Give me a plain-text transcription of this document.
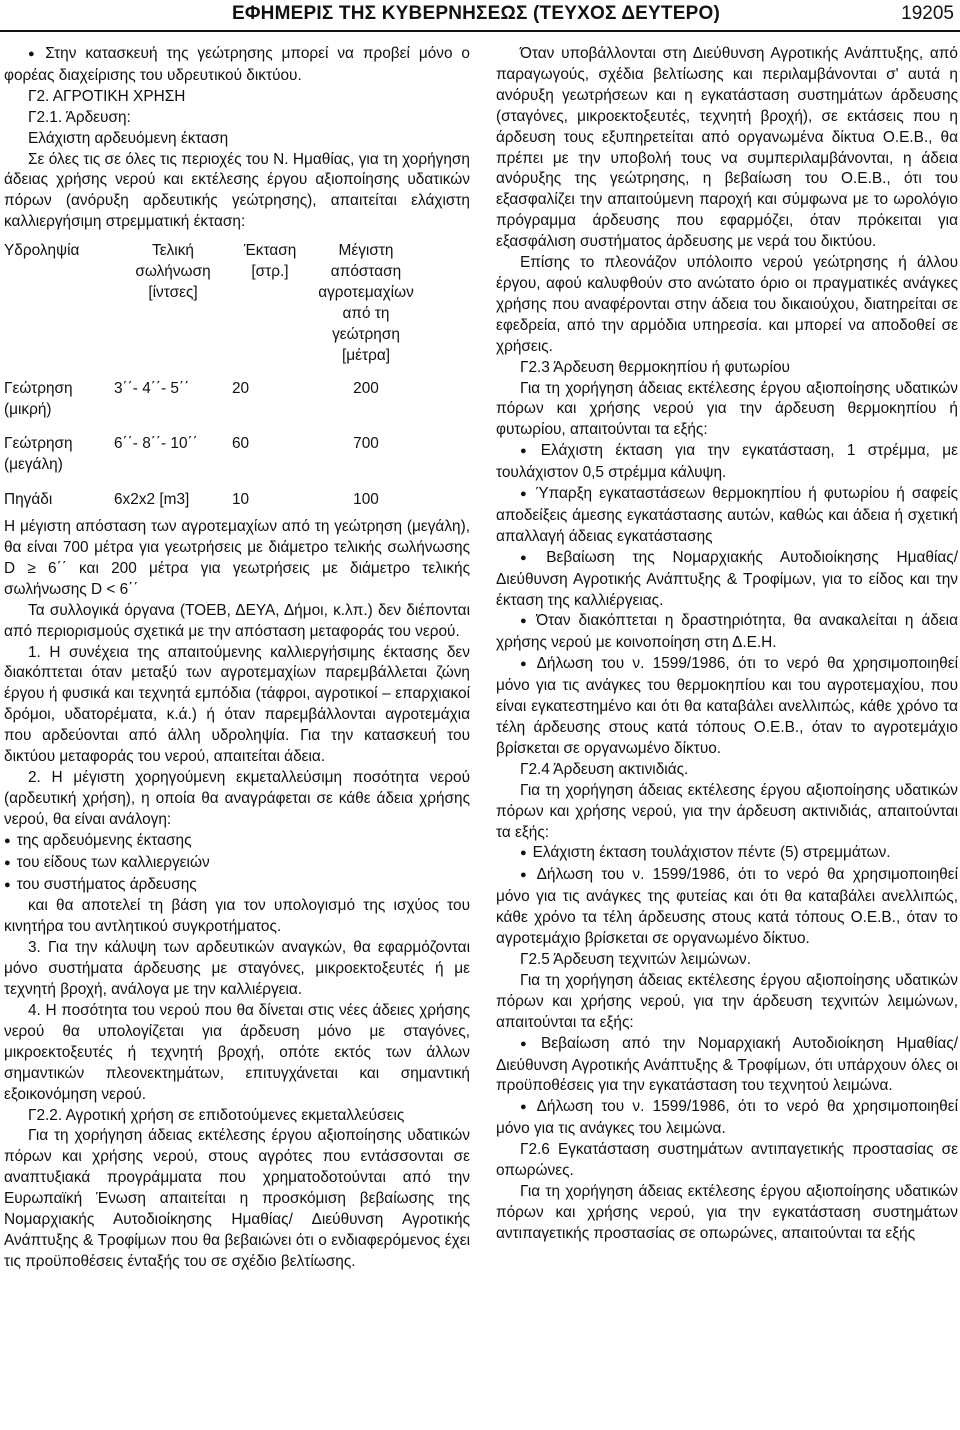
ΕΦΗΜΕΡΙΣ ΤΗΣ ΚΥΒΕΡΝΗΣΕΩΣ (ΤΕΥΧΟΣ ΔΕΥΤΕΡΟ)	19205

● Στην κατασκευή της γεώτρησης μπορεί να προβεί μόνο ο φορέας διαχείρισης του υδρευτικού δικτύου.

Γ2. ΑΓΡΟΤΙΚΗ ΧΡΗΣΗ

Γ2.1. Άρδευση:

Ελάχιστη αρδευόμενη έκταση

Σε όλες τις σε όλες τις περιοχές του Ν. Ημαθίας, για τη χορήγηση άδειας χρήσης νερού και εκτέλεσης έργου αξιοποίησης υδατικών πόρων (ανόρυξη αρδευτικής γεώτρησης), απαιτείται ελάχιστη καλλιεργήσιμη στρεμματική έκταση:

Υδροληψία	Τελική σωλήνωση [ίντσες]	Έκταση [στρ.]	Μέγιστη απόσταση αγροτεμαχίων από τη γεώτρηση [μέτρα]
Γεώτρηση (μικρή)	3΄΄- 4΄΄- 5΄΄	20	200
Γεώτρηση (μεγάλη)	6΄΄- 8΄΄- 10΄΄	60	700
Πηγάδι	6x2x2 [m3]	10	100

Η μέγιστη απόσταση των αγροτεμαχίων από τη γεώτρηση (μεγάλη), θα είναι 700 μέτρα για γεωτρήσεις με διάμετρο τελικής σωλήνωσης D ≥ 6΄΄ και 200 μέτρα για γεωτρήσεις με διάμετρο τελικής σωλήνωσης D < 6΄΄

Τα συλλογικά όργανα (ΤΟΕΒ, ΔΕΥΑ, Δήμοι, κ.λπ.) δεν διέπονται από περιορισμούς σχετικά με την απόσταση μεταφοράς του νερού.

1. Η συνέχεια της απαιτούμενης καλλιεργήσιμης έκτασης δεν διακόπτεται όταν μεταξύ των αγροτεμαχίων παρεμβάλλεται ζώνη έργου ή φυσικά και τεχνητά εμπόδια (τάφροι, αγροτικοί – επαρχιακοί δρόμοι, υδατορέματα, κ.ά.) ή όταν παρεμβάλλονται αγροτεμάχια που αρδεύονται από άλλη υδροληψία. Για την κατασκευή του δικτύου μεταφοράς του νερού, απαιτείται άδεια.

2. Η μέγιστη χορηγούμενη εκμεταλλεύσιμη ποσότητα νερού (αρδευτική χρήση), η οποία θα αναγράφεται σε κάθε άδεια χρήσης νερού, θα είναι ανάλογη:

● της αρδευόμενης έκτασης

● του είδους των καλλιεργειών

● του συστήματος άρδευσης

και θα αποτελεί τη βάση για τον υπολογισμό της ισχύος του κινητήρα του αντλητικού συγκροτήματος.

3. Για την κάλυψη των αρδευτικών αναγκών, θα εφαρμόζονται μόνο συστήματα άρδευσης με σταγόνες, μικροεκτοξευτές ή με τεχνητή βροχή, ανάλογα με την καλλιέργεια.

4. Η ποσότητα του νερού που θα δίνεται στις νέες άδειες χρήσης νερού θα υπολογίζεται για άρδευση μόνο με σταγόνες, μικροεκτοξευτές ή τεχνητή βροχή, οπότε εκτός των άλλων σημαντικών πλεονεκτημάτων, επιτυγχάνεται και σημαντική εξοικονόμηση νερού.

Γ2.2. Αγροτική χρήση σε επιδοτούμενες εκμεταλλεύσεις

Για τη χορήγηση άδειας εκτέλεσης έργου αξιοποίησης υδατικών πόρων και χρήσης νερού, στους αγρότες που εντάσσονται σε αναπτυξιακά προγράμματα που χρηματοδοτούνται από την Ευρωπαϊκή Ένωση απαιτείται η προσκόμιση βεβαίωσης της Νομαρχιακής Αυτοδιοίκησης Ημαθίας/ Διεύθυνση Αγροτικής Ανάπτυξης & Τροφίμων που θα βεβαιώνει ότι ο ενδιαφερόμενος έχει τις προϋποθέσεις ένταξής του σε σχέδιο βελτίωσης.

Όταν υποβάλλονται στη Διεύθυνση Αγροτικής Ανάπτυξης, από παραγωγούς, σχέδια βελτίωσης και περιλαμβάνονται σ' αυτά η ανόρυξη γεωτρήσεων και η εγκατάσταση συστημάτων άρδευσης (σταγόνες, μικροεκτοξευτές, τεχνητή βροχή), σε εκτάσεις που η άρδευση τους εξυπηρετείται από οργανωμένα δίκτυα Ο.Ε.Β., θα πρέπει με την υποβολή τους να συμπεριλαμβάνονται, η άδεια ανόρυξης της γεώτρησης, η βεβαίωση του Ο.Ε.Β., ότι του εξασφαλίζει την απαιτούμενη παροχή και σύμφωνα με το ωρολόγιο πρόγραμμα άρδευσης που εφαρμόζει, όταν πρόκειται για εξασφάλιση συστήματος άρδευσης με νερά του δικτύου.

Επίσης το πλεονάζον υπόλοιπο νερού γεώτρησης ή άλλου έργου, αφού καλυφθούν στο ανώτατο όριο οι πραγματικές ανάγκες χρήσης που αναφέρονται στην άδεια του δικαιούχου, διατηρείται σε εφεδρεία, από την αρμόδια υπηρεσία. και μπορεί να αποδοθεί σε χρήσεις.

Γ2.3 Άρδευση θερμοκηπίου ή φυτωρίου

Για τη χορήγηση άδειας εκτέλεσης έργου αξιοποίησης υδατικών πόρων και χρήσης νερού για την άρδευση θερμοκηπίου ή φυτωρίου, απαιτούνται τα εξής:

● Ελάχιστη έκταση για την εγκατάσταση, 1 στρέμμα, με τουλάχιστον 0,5 στρέμμα κάλυψη.

● Ύπαρξη εγκαταστάσεων θερμοκηπίου ή φυτωρίου ή σαφείς αποδείξεις άμεσης εγκατάστασης αυτών, καθώς και άδεια ή σχετική απαλλαγή άδειας εγκατάστασης

● Βεβαίωση της Νομαρχιακής Αυτοδιοίκησης Ημαθίας/ Διεύθυνση Αγροτικής Ανάπτυξης & Τροφίμων, για το είδος και την έκταση της καλλιέργειας.

● Όταν διακόπτεται η δραστηριότητα, θα ανακαλείται η άδεια χρήσης νερού με κοινοποίηση στη Δ.Ε.Η.

● Δήλωση του ν. 1599/1986, ότι το νερό θα χρησιμοποιηθεί μόνο για τις ανάγκες του θερμοκηπίου και του αγροτεμαχίου, που είναι εγκατεστημένο και ότι θα καταβάλει ανελλιπώς, κάθε χρόνο τα τέλη άρδευσης στους κατά τόπους Ο.Ε.Β., όταν το αγροτεμάχιο βρίσκεται σε οργανωμένο δίκτυο.

Γ2.4 Άρδευση ακτινιδιάς.

Για τη χορήγηση άδειας εκτέλεσης έργου αξιοποίησης υδατικών πόρων και χρήσης νερού, για την άρδευση ακτινιδιάς, απαιτούνται τα εξής:

● Ελάχιστη έκταση τουλάχιστον πέντε (5) στρεμμάτων.

● Δήλωση του ν. 1599/1986, ότι το νερό θα χρησιμοποιηθεί μόνο για τις ανάγκες της φυτείας και ότι θα καταβάλει ανελλιπώς, κάθε χρόνο τα τέλη άρδευσης στους κατά τόπους Ο.Ε.Β., όταν το αγροτεμάχιο βρίσκεται σε οργανωμένο δίκτυο.

Γ2.5 Άρδευση τεχνιτών λειμώνων.

Για τη χορήγηση άδειας εκτέλεσης έργου αξιοποίησης υδατικών πόρων και χρήσης νερού, για την άρδευση τεχνιτών λειμώνων, απαιτούνται τα εξής:

● Βεβαίωση από την Νομαρχιακή Αυτοδιοίκηση Ημαθίας/ Διεύθυνση Αγροτικής Ανάπτυξης & Τροφίμων, ότι υπάρχουν όλες οι προϋποθέσεις για την εγκατάσταση του τεχνητού λειμώνα.

● Δήλωση του ν. 1599/1986, ότι το νερό θα χρησιμοποιηθεί μόνο για τις ανάγκες του λειμώνα.

Γ2.6 Εγκατάσταση συστημάτων αντιπαγετικής προστασίας σε οπωρώνες.

Για τη χορήγηση άδειας εκτέλεσης έργου αξιοποίησης υδατικών πόρων και χρήσης νερού, για την εγκατάσταση συστημάτων αντιπαγετικής προστασίας σε οπωρώνες, απαιτούνται τα εξής
